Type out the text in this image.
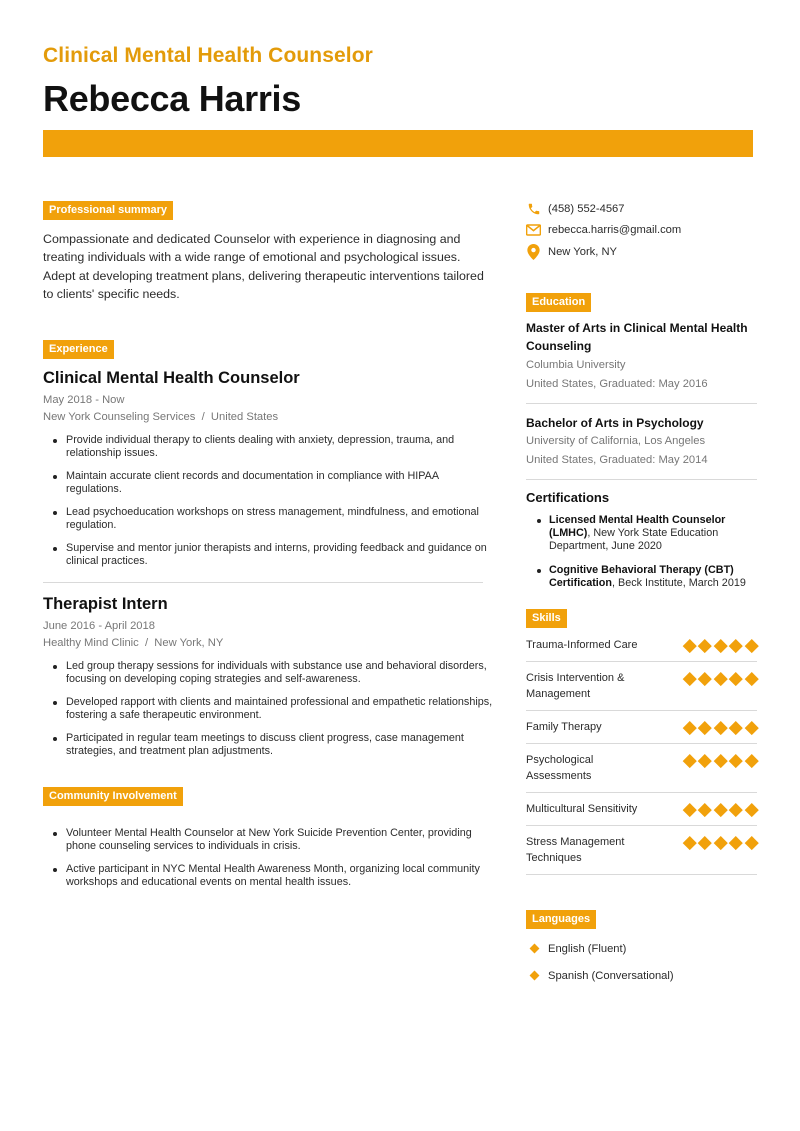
Clinical Mental Health Counselor
Rebecca Harris
Professional summary

Compassionate and dedicated Counselor with experience in diagnosing and treating individuals with a wide range of emotional and psychological issues. Adept at developing treatment plans, delivering therapeutic interventions tailored to clients' specific needs.

Experience
Clinical Mental Health Counselor
May 2018 - Now
New York Counseling Services  /  United States
Provide individual therapy to clients dealing with anxiety, depression, trauma, and relationship issues.
Maintain accurate client records and documentation in compliance with HIPAA regulations.
Lead psychoeducation workshops on stress management, mindfulness, and emotional regulation.
Supervise and mentor junior therapists and interns, providing feedback and guidance on clinical practices.
Therapist Intern
June 2016 - April 2018
Healthy Mind Clinic  /  New York, NY
Led group therapy sessions for individuals with substance use and behavioral disorders, focusing on developing coping strategies and self-awareness.
Developed rapport with clients and maintained professional and empathetic relationships, fostering a safe therapeutic environment.
Participated in regular team meetings to discuss client progress, case management strategies, and treatment plan adjustments.
Community Involvement
Volunteer Mental Health Counselor at New York Suicide Prevention Center, providing phone counseling services to individuals in crisis.
Active participant in NYC Mental Health Awareness Month, organizing local community workshops and educational events on mental health issues.
(458) 552-4567
rebecca.harris@gmail.com
New York, NY
Education
Master of Arts in Clinical Mental Health Counseling
Columbia University
United States, Graduated: May 2016
Bachelor of Arts in Psychology
University of California, Los Angeles
United States, Graduated: May 2014
Certifications
Licensed Mental Health Counselor (LMHC), New York State Education Department, June 2020
Cognitive Behavioral Therapy (CBT) Certification, Beck Institute, March 2019
Skills
Trauma-Informed Care
Crisis Intervention & Management
Family Therapy
Psychological Assessments
Multicultural Sensitivity
Stress Management Techniques
Languages
English (Fluent)
Spanish (Conversational)
